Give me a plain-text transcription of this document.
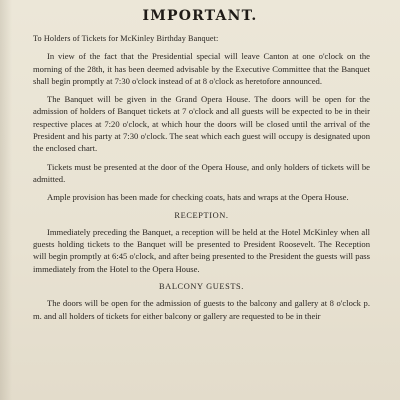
IMPORTANT.

To Holders of Tickets for McKinley Birthday Banquet:

In view of the fact that the Presidential special will leave Canton at one o'clock on the morning of the 28th, it has been deemed advisable by the Executive Committee that the Banquet shall begin promptly at 7:30 o'clock instead of at 8 o'clock as heretofore announced.

The Banquet will be given in the Grand Opera House. The doors will be open for the admission of holders of Banquet tickets at 7 o'clock and all guests will be expected to be in their respective places at 7:20 o'clock, at which hour the doors will be closed until the arrival of the President and his party at 7:30 o'clock. The seat which each guest will occupy is designated upon the enclosed chart.

Tickets must be presented at the door of the Opera House, and only holders of tickets will be admitted.

Ample provision has been made for checking coats, hats and wraps at the Opera House.

RECEPTION.

Immediately preceding the Banquet, a reception will be held at the Hotel McKinley when all guests holding tickets to the Banquet will be presented to President Roosevelt. The Reception will begin promptly at 6:45 o'clock, and after being presented to the President the guests will pass immediately from the Hotel to the Opera House.

BALCONY GUESTS.

The doors will be open for the admission of guests to the balcony and gallery at 8 o'clock p. m. and all holders of tickets for either balcony or gallery are requested to be in their
